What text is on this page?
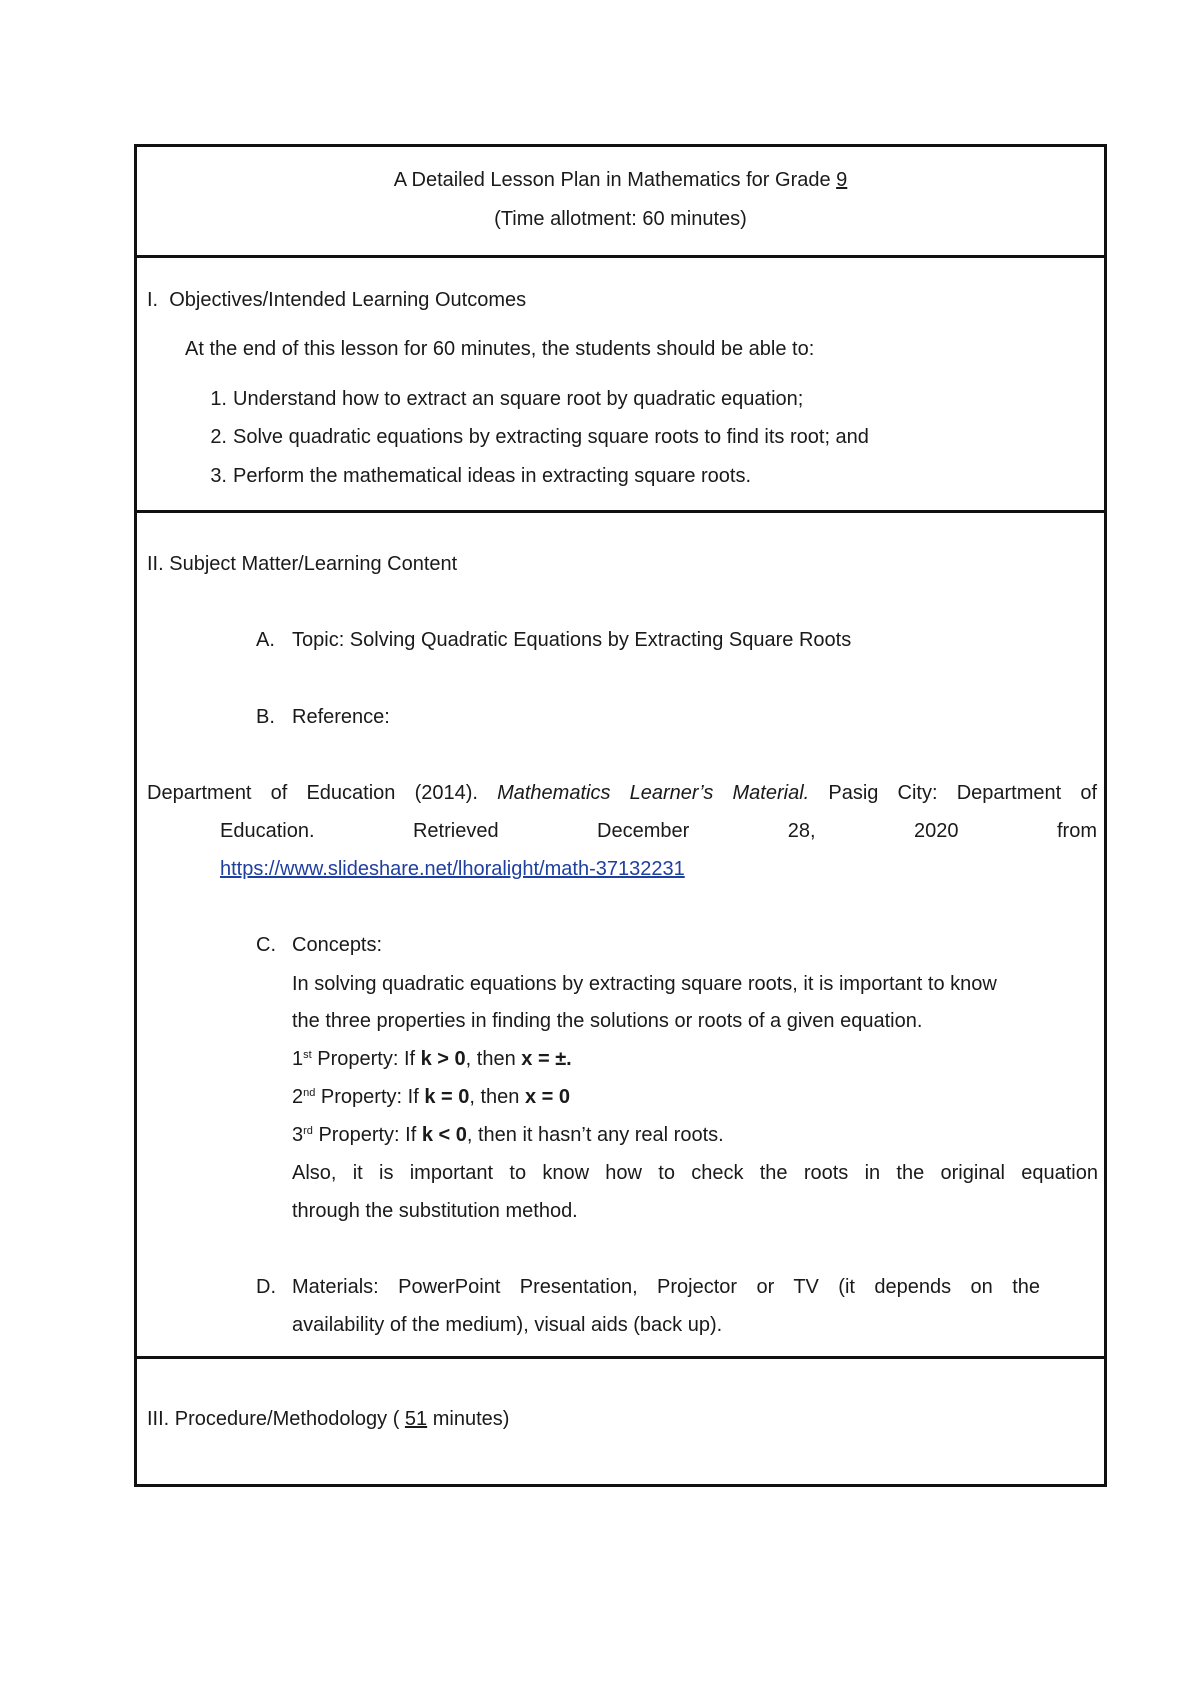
A Detailed Lesson Plan in Mathematics for Grade 9
(Time allotment: 60 minutes)
I. Objectives/Intended Learning Outcomes
At the end of this lesson for 60 minutes, the students should be able to:
1. Understand how to extract an square root by quadratic equation;
2. Solve quadratic equations by extracting square roots to find its root; and
3. Perform the mathematical ideas in extracting square roots.
II. Subject Matter/Learning Content
A. Topic: Solving Quadratic Equations by Extracting Square Roots
B. Reference:
Department of Education (2014). Mathematics Learner’s Material. Pasig City: Department of
Education. Retrieved December 28, 2020 from
https://www.slideshare.net/lhoralight/math-37132231
C. Concepts:
In solving quadratic equations by extracting square roots, it is important to know
the three properties in finding the solutions or roots of a given equation.
1st Property: If k > 0, then x = ±.
2nd Property: If k = 0, then x = 0
3rd Property: If k < 0, then it hasn’t any real roots.
Also, it is important to know how to check the roots in the original equation
through the substitution method.
D. Materials: PowerPoint Presentation, Projector or TV (it depends on the
availability of the medium), visual aids (back up).
III. Procedure/Methodology ( 51 minutes)
